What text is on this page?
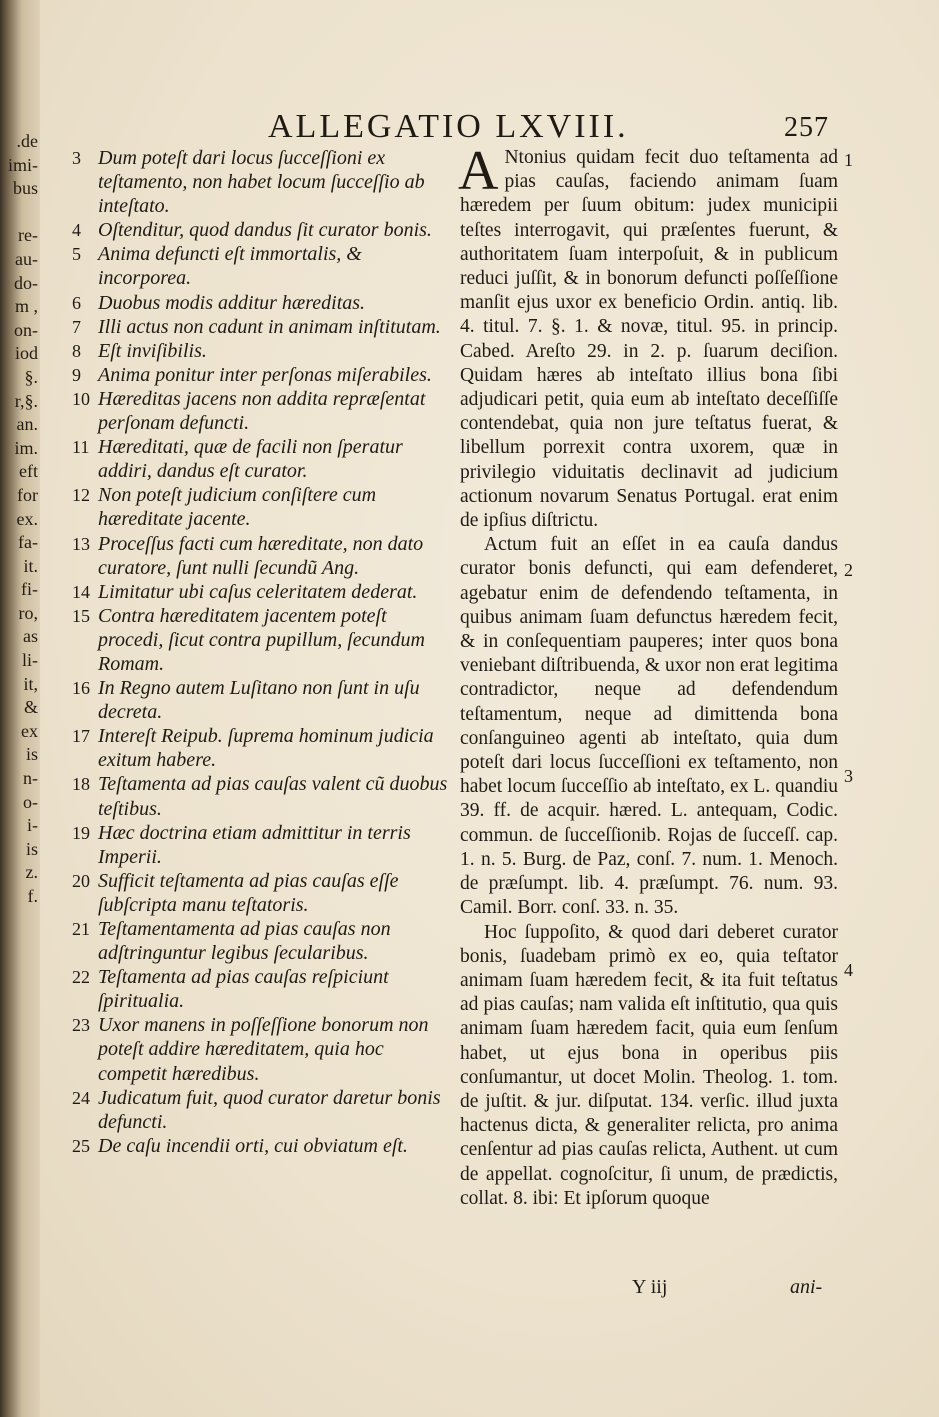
.de
imi-
bus
re-
au-
do-
m ,
on-
iod
§.
r,§.
an.
im.
eft
for
ex.
fa-
it.
fi-
ro,
as
li-
it,
&
ex
is
n-
o-
i-
is
z.
f.
ALLEGATIO LXVIII.	257
3 Dum poteſt dari locus ſucceſſioni ex teſtamento, non habet locum ſucceſſio ab inteſtato.
4 Oſtenditur, quod dandus ſit curator bonis.
5 Anima defuncti eſt immortalis, & incorporea.
6 Duobus modis additur hæreditas.
7 Illi actus non cadunt in animam inſtitutam.
8 Eſt inviſibilis.
9 Anima ponitur inter perſonas miſerabiles.
10 Hæreditas jacens non addita repræſentat perſonam defuncti.
11 Hæreditati, quæ de facili non ſperatur addiri, dandus eſt curator.
12 Non poteſt judicium conſiſtere cum hæreditate jacente.
13 Proceſſus facti cum hæreditate, non dato curatore, ſunt nulli ſecundũ Ang.
14 Limitatur ubi caſus celeritatem dederat.
15 Contra hæreditatem jacentem poteſt procedi, ſicut contra pupillum, ſecundum Romam.
16 In Regno autem Luſitano non ſunt in uſu decreta.
17 Intereſt Reipub. ſuprema hominum judicia exitum habere.
18 Teſtamenta ad pias cauſas valent cũ duobus teſtibus.
19 Hæc doctrina etiam admittitur in terris Imperii.
20 Sufficit teſtamenta ad pias cauſas eſſe ſubſcripta manu teſtatoris.
21 Teſtamentamenta ad pias cauſas non adſtringuntur legibus ſecularibus.
22 Teſtamenta ad pias cauſas reſpiciunt ſpiritualia.
23 Uxor manens in poſſeſſione bonorum non poteſt addire hæreditatem, quia hoc competit hæredibus.
24 Judicatum fuit, quod curator daretur bonis defuncti.
25 De caſu incendii orti, cui obviatum eſt.

A Ntonius quidam fecit duo teſtamenta ad pias cauſas, faciendo animam ſuam hæredem per ſuum obitum: judex municipii teſtes interrogavit, qui præſentes fuerunt, & authoritatem ſuam interpoſuit, & in publicum reduci juſſit, & in bonorum defuncti poſſeſſione manſit ejus uxor ex beneficio Ordin. antiq. lib. 4. titul. 7. §. 1. & novæ, titul. 95. in princip. Cabed. Areſto 29. in 2. p. ſuarum deciſion. Quidam hæres ab inteſtato illius bona ſibi adjudicari petit, quia eum ab inteſtato deceſſiſſe contendebat, quia non jure teſtatus fuerat, & libellum porrexit contra uxorem, quæ in privilegio viduitatis declinavit ad judicium actionum novarum Senatus Portugal. erat enim de ipſius diſtrictu.

Actum fuit an eſſet in ea cauſa dandus curator bonis defuncti, qui eam defenderet, agebatur enim de defendendo teſtamenta, in quibus animam ſuam defunctus hæredem fecit, & in conſequentiam pauperes; inter quos bona veniebant diſtribuenda, & uxor non erat legitima contradictor, neque ad defendendum teſtamentum, neque ad dimittenda bona conſanguineo agenti ab inteſtato, quia dum poteſt dari locus ſucceſſioni ex teſtamento, non habet locum ſucceſſio ab inteſtato, ex L. quandiu 39. ff. de acquir. hæred. L. antequam, Codic. commun. de ſucceſſionib. Rojas de ſucceſſ. cap. 1. n. 5. Burg. de Paz, conſ. 7. num. 1. Menoch. de præſumpt. lib. 4. præſumpt. 76. num. 93. Camil. Borr. conſ. 33. n. 35.

Hoc ſuppoſito, & quod dari deberet curator bonis, ſuadebam primò ex eo, quia teſtator animam ſuam hæredem fecit, & ita fuit teſtatus ad pias cauſas; nam valida eſt inſtitutio, qua quis animam ſuam hæredem facit, quia eum ſenſum habet, ut ejus bona in operibus piis conſumantur, ut docet Molin. Theolog. 1. tom. de juſtit. & jur. diſputat. 134. verſic. illud juxta hactenus dicta, & generaliter relicta, pro anima cenſentur ad pias cauſas relicta, Authent. ut cum de appellat. cognoſcitur, ſi unum, de prædictis, collat. 8. ibi: Et ipſorum quoque

1
2
3
4
Y iij	ani-
